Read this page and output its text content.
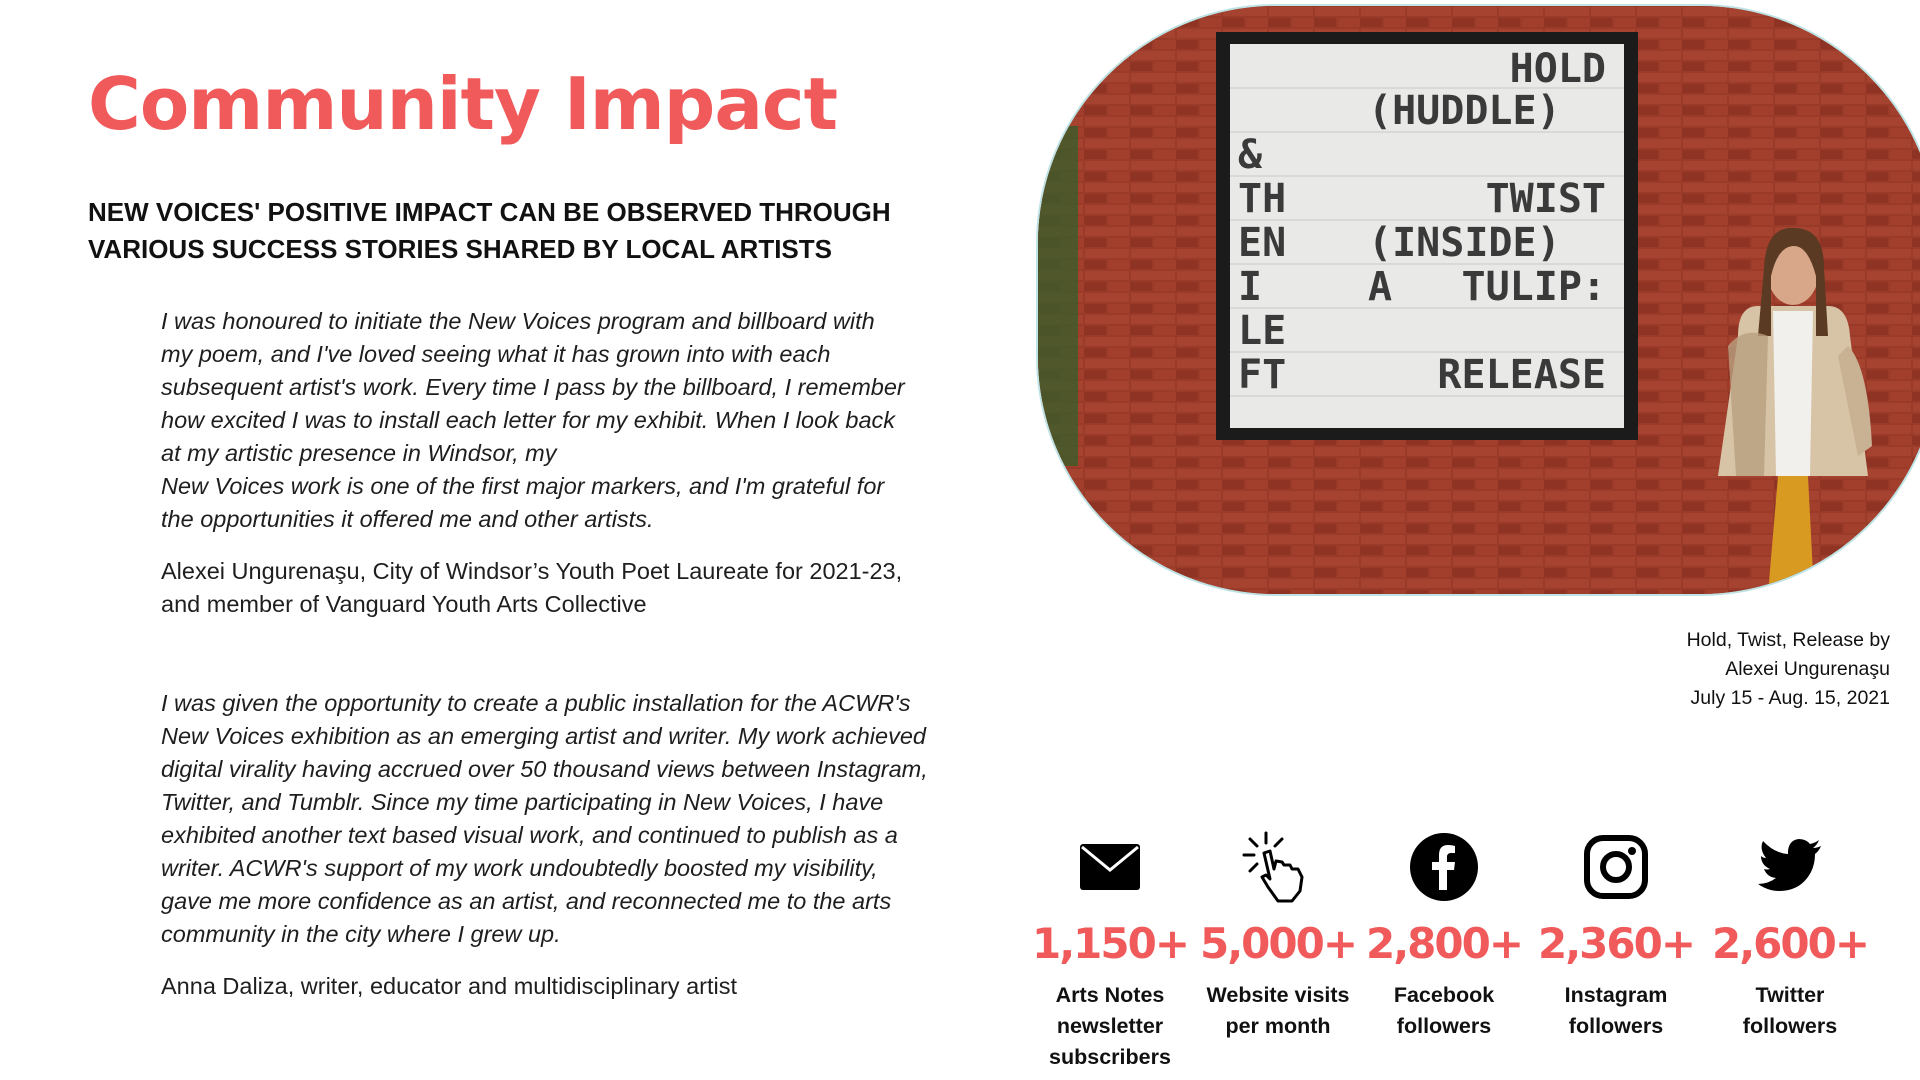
Community Impact
NEW VOICES' POSITIVE IMPACT CAN BE OBSERVED THROUGH VARIOUS SUCCESS STORIES SHARED BY LOCAL ARTISTS

I was honoured to initiate the New Voices program and billboard with
my poem, and I've loved seeing what it has grown into with each
subsequent artist's work. Every time I pass by the billboard, I remember
how excited I was to install each letter for my exhibit. When I look back
at my artistic presence in Windsor, my
New Voices work is one of the first major markers, and I'm grateful for
the opportunities it offered me and other artists.

Alexei Ungurenaşu, City of Windsor’s Youth Poet Laureate for 2021-23,
and member of Vanguard Youth Arts Collective

I was given the opportunity to create a public installation for the ACWR's
New Voices exhibition as an emerging artist and writer. My work achieved
digital virality having accrued over 50 thousand views between Instagram,
Twitter, and Tumblr. Since my time participating in New Voices, I have
exhibited another text based visual work, and continued to publish as a
writer. ACWR's support of my work undoubtedly boosted my visibility,
gave me more confidence as an artist, and reconnected me to the arts
community in the city where I grew up.

Anna Daliza, writer, educator and multidisciplinary artist

HOLD
(HUDDLE)
&
TH	TWIST
EN (INSIDE)
I	A TULIP:
LE
FT	RELEASE

Hold, Twist, Release by
Alexei Ungurenaşu
July 15 - Aug. 15, 2021

1,150+
Arts Notes
newsletter
subscribers
5,000+
Website visits
per month
2,800+
Facebook
followers
2,360+
Instagram
followers
2,600+
Twitter
followers
